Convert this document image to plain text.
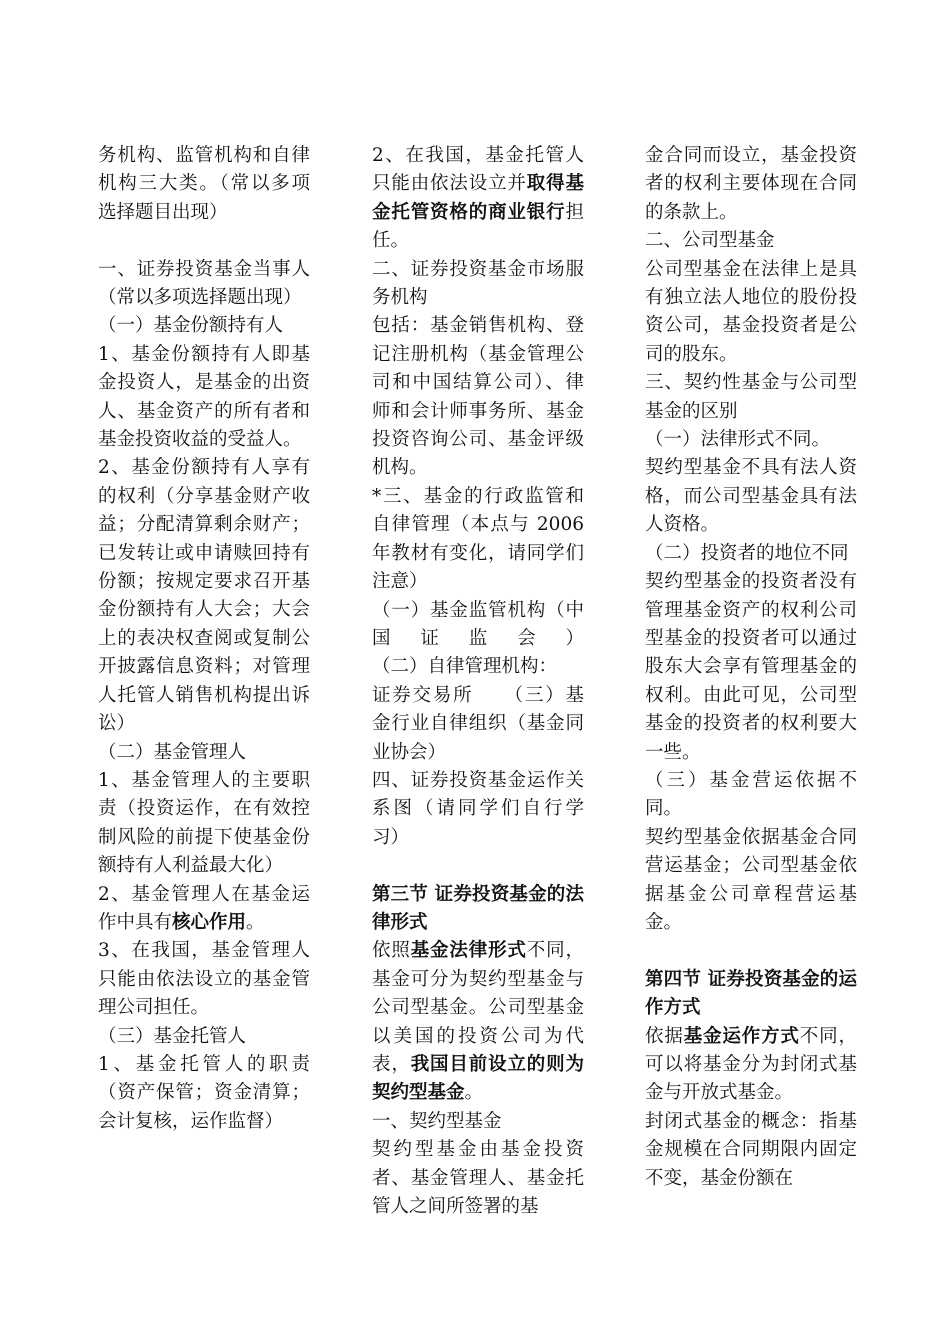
务机构、监管机构和自律机构三大类。（常以多项选择题目出现）

一、证券投资基金当事人（常以多项选择题出现）

（一）基金份额持有人

1、基金份额持有人即基金投资人，是基金的出资人、基金资产的所有者和基金投资收益的受益人。

2、基金份额持有人享有的权利（分享基金财产收益；分配清算剩余财产；已发转让或申请赎回持有份额；按规定要求召开基金份额持有人大会；大会上的表决权查阅或复制公开披露信息资料；对管理人托管人销售机构提出诉讼）

（二）基金管理人

1、基金管理人的主要职责（投资运作，在有效控制风险的前提下使基金份额持有人利益最大化）

2、基金管理人在基金运作中具有核心作用。

3、在我国，基金管理人只能由依法设立的基金管理公司担任。

（三）基金托管人

1、基金托管人的职责（资产保管；资金清算；会计复核，运作监督）

2、在我国，基金托管人只能由依法设立并取得基金托管资格的商业银行担任。

二、证券投资基金市场服务机构

包括：基金销售机构、登记注册机构（基金管理公司和中国结算公司）、律师和会计师事务所、基金投资咨询公司、基金评级机构。

*三、基金的行政监管和自律管理（本点与 2006 年教材有变化，请同学们注意）

（一）基金监管机构（中国证监会）

（二）自律管理机构：

证券交易所　　（三）基金行业自律组织（基金同业协会）

四、证券投资基金运作关系图（请同学们自行学习）

第三节 证券投资基金的法律形式

依照基金法律形式不同，基金可分为契约型基金与公司型基金。公司型基金以美国的投资公司为代表，我国目前设立的则为契约型基金。

一、契约型基金

契约型基金由基金投资者、基金管理人、基金托管人之间所签署的基

金合同而设立，基金投资者的权利主要体现在合同的条款上。

二、公司型基金

公司型基金在法律上是具有独立法人地位的股份投资公司，基金投资者是公司的股东。

三、契约性基金与公司型基金的区别

（一）法律形式不同。

契约型基金不具有法人资格，而公司型基金具有法人资格。

（二）投资者的地位不同

契约型基金的投资者没有管理基金资产的权利公司型基金的投资者可以通过股东大会享有管理基金的权利。由此可见，公司型基金的投资者的权利要大一些。

（三）基金营运依据不同。

契约型基金依据基金合同营运基金；公司型基金依据基金公司章程营运基金。

第四节 证券投资基金的运作方式

依据基金运作方式不同，可以将基金分为封闭式基金与开放式基金。

封闭式基金的概念：指基金规模在合同期限内固定不变，基金份额在
